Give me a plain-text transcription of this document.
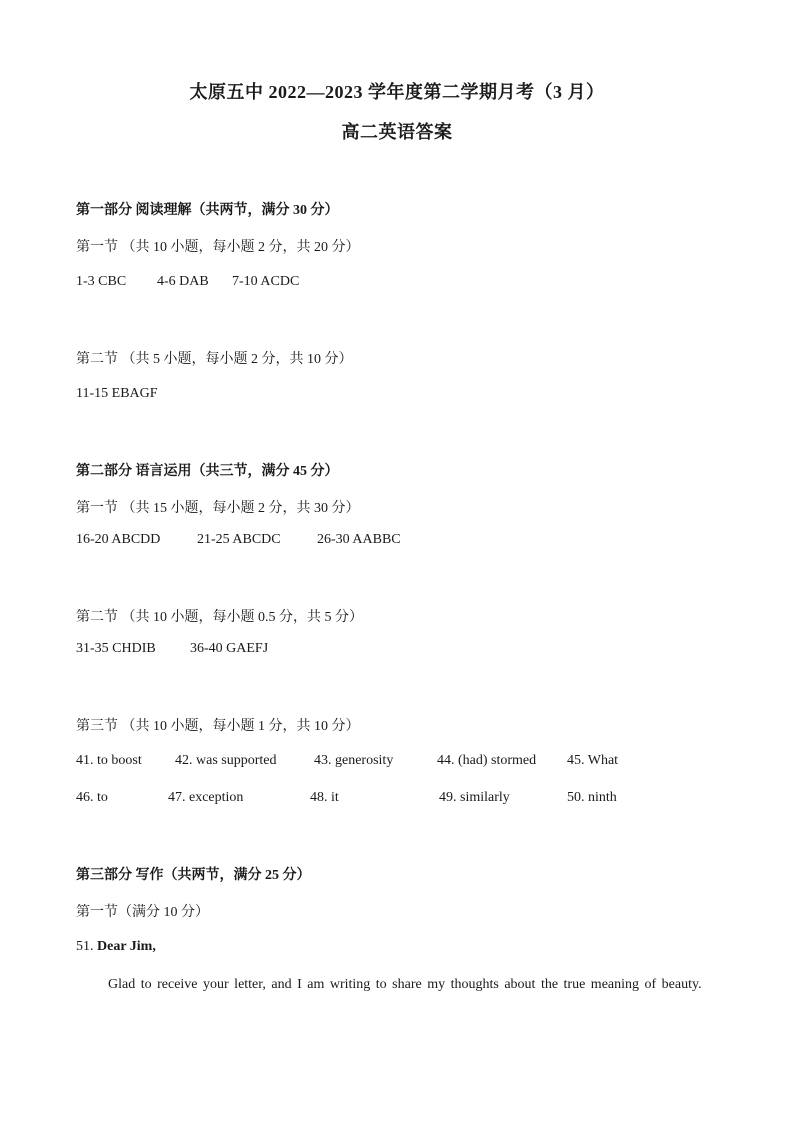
太原五中 2022—2023 学年度第二学期月考（3 月）
高二英语答案
第一部分 阅读理解（共两节，满分 30 分）
第一节 （共 10 小题，每小题 2 分，共 20 分）
1-3 CBC 4-6 DAB 7-10 ACDC
第二节 （共 5 小题，每小题 2 分，共 10 分）
11-15 EBAGF
第二部分 语言运用（共三节，满分 45 分）
第一节 （共 15 小题，每小题 2 分，共 30 分）
16-20 ABCDD	21-25 ABCDC	26-30 AABBC
第二节 （共 10 小题，每小题 0.5 分，共 5 分）
31-35 CHDIB 36-40 GAEFJ
第三节 （共 10 小题，每小题 1 分，共 10 分）
41. to boost 42. was supported	43. generosity	44. (had) stormed 45. What
46. to	47. exception	48. it	49. similarly	50. ninth
第三部分 写作（共两节，满分 25 分）
第一节（满分 10 分）
51. Dear Jim,
Glad to receive your letter, and I am writing to share my thoughts about the true meaning of beauty.
